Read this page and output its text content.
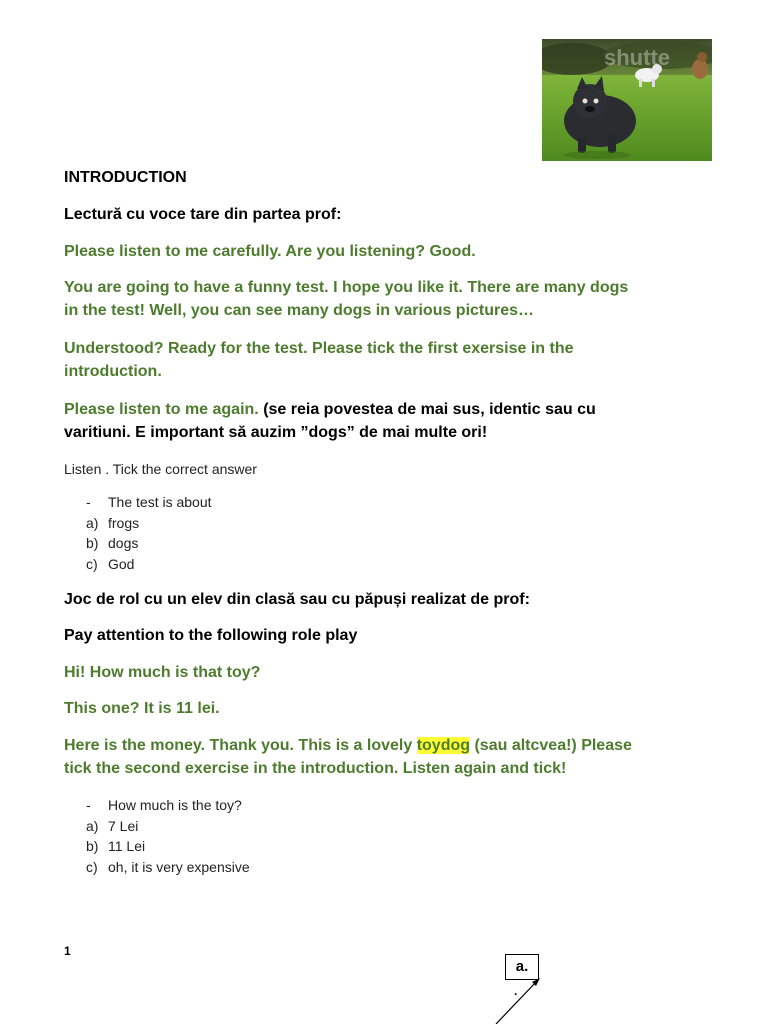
shutte
INTRODUCTION
Lectură cu voce tare din partea prof:
Please listen to me carefully. Are you listening? Good.
You are going to have a funny test. I hope you like it. There are many dogs
in the test! Well, you can see many dogs in various pictures…
Understood? Ready for the test. Please tick the first exersise in the
introduction.
Please listen to me again. (se reia povestea de mai sus, identic sau cu
varitiuni. E important să auzim ”dogs” de mai multe ori!
Listen . Tick the correct answer
-	The test is about
a) frogs
b) dogs
c) God
Joc de rol cu un elev din clasă sau cu păpuși realizat de prof:
Pay attention to the following role play
Hi! How much is that toy?
This one? It is 11 lei.
Here is the money. Thank you. This is a lovely toydog (sau altcvea!) Please
tick the second exercise in the introduction. Listen again and tick!
-	How much is the toy?
a) 7 Lei
b) 11 Lei
c) oh, it is very expensive
1
a.
.
